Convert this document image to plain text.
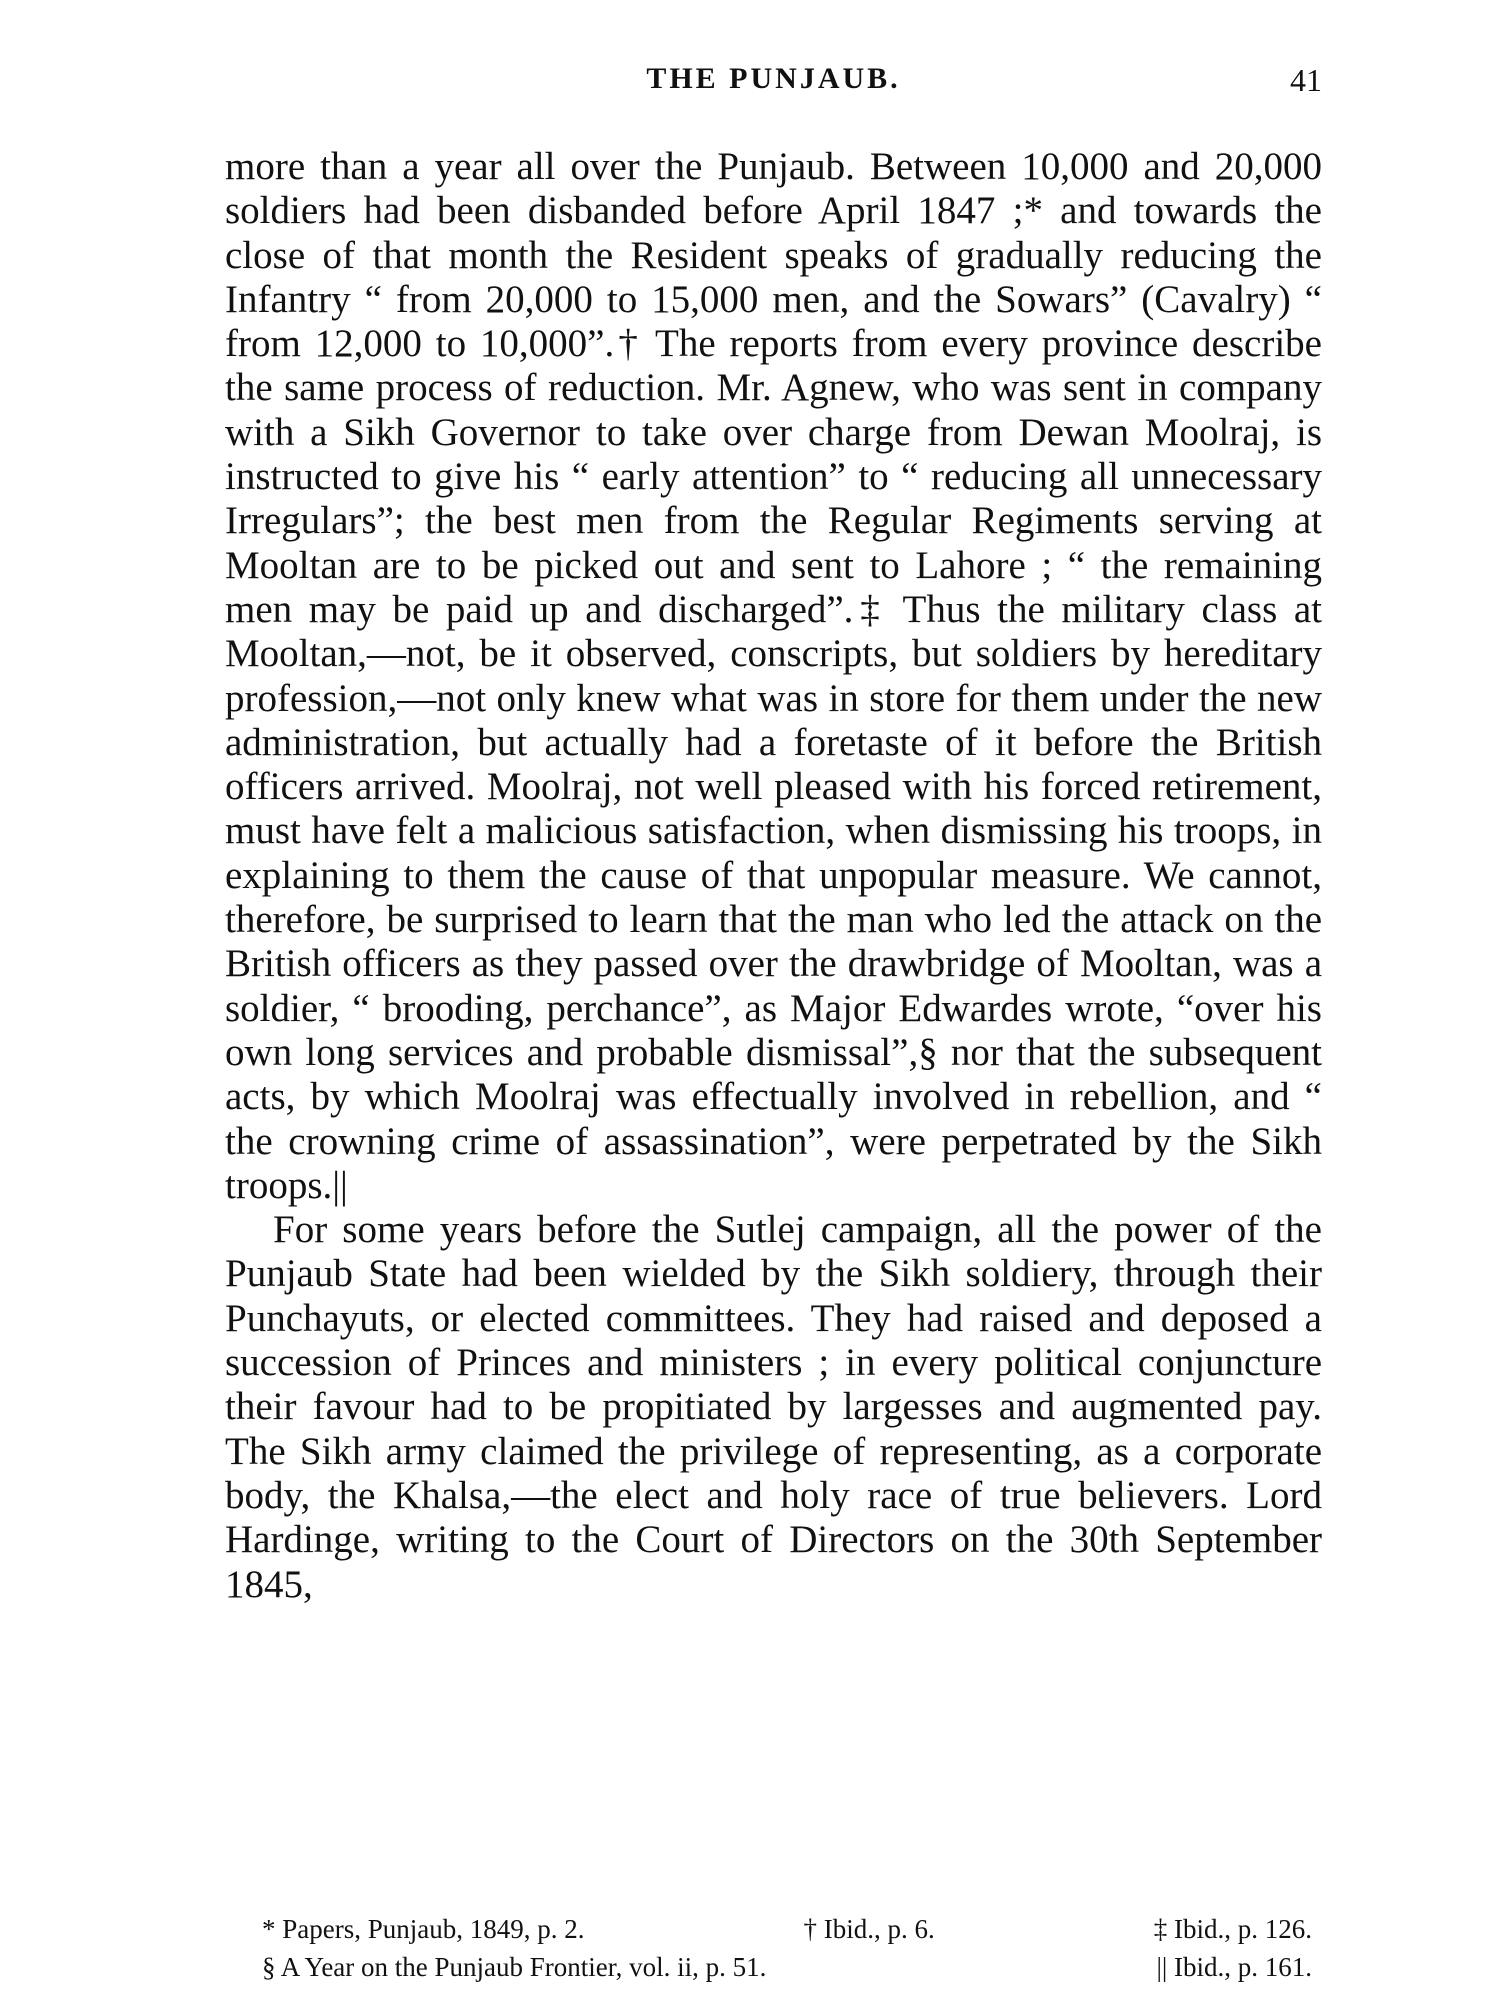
THE PUNJAUB.	41

more than a year all over the Punjaub. Between 10,000 and 20,000 soldiers had been disbanded before April 1847 ;* and towards the close of that month the Resident speaks of gradually reducing the Infantry “ from 20,000 to 15,000 men, and the Sowars” (Cavalry) “ from 12,000 to 10,000”.† The reports from every province describe the same process of reduction. Mr. Agnew, who was sent in company with a Sikh Governor to take over charge from Dewan Moolraj, is instructed to give his “ early attention” to “ reducing all unnecessary Irregulars”; the best men from the Regular Regiments serving at Mooltan are to be picked out and sent to Lahore ; “ the remaining men may be paid up and discharged”.‡ Thus the military class at Mooltan,—not, be it observed, conscripts, but soldiers by hereditary profession,—not only knew what was in store for them under the new administration, but actually had a foretaste of it before the British officers arrived. Moolraj, not well pleased with his forced retirement, must have felt a malicious satisfaction, when dismissing his troops, in explaining to them the cause of that unpopular measure. We cannot, therefore, be surprised to learn that the man who led the attack on the British officers as they passed over the drawbridge of Mooltan, was a soldier, “ brooding, perchance”, as Major Edwardes wrote, “over his own long services and probable dismissal”,§ nor that the subsequent acts, by which Moolraj was effectually involved in rebellion, and “ the crowning crime of assassination”, were perpetrated by the Sikh troops.||

For some years before the Sutlej campaign, all the power of the Punjaub State had been wielded by the Sikh soldiery, through their Punchayuts, or elected committees. They had raised and deposed a succession of Princes and ministers ; in every political conjuncture their favour had to be propitiated by largesses and augmented pay. The Sikh army claimed the privilege of representing, as a corporate body, the Khalsa,—the elect and holy race of true believers. Lord Hardinge, writing to the Court of Directors on the 30th September 1845,

* Papers, Punjaub, 1849, p. 2.	† Ibid., p. 6.	‡ Ibid., p. 126.
§ A Year on the Punjaub Frontier, vol. ii, p. 51.	|| Ibid., p. 161.
